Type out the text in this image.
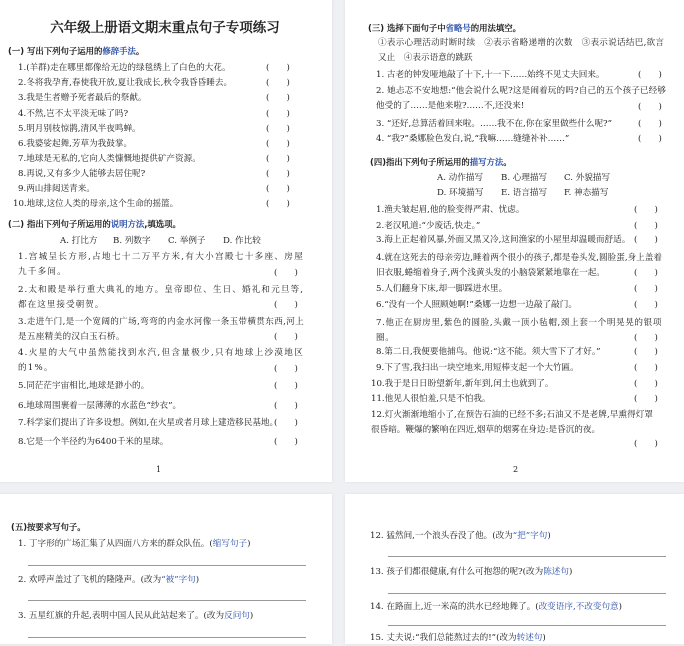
六年级上册语文期末重点句子专项练习
(一) 写出下列句子运用的修辞手法。
1.(羊群)走在哪里都像给无边的绿毯绣上了白色的大花。
2.冬将我孕育,春使我开放,夏让我成长,秋令我昏昏睡去。
3.我是生者赠予死者最后的祭献。
4.不然,岂不太平淡无味了吗?
5.明月别枝惊鹊,清风半夜鸣蝉。
6.我婆娑起舞,芳草为我鼓掌。
7.地球是无私的,它向人类慷慨地提供矿产资源。
8.再说,又有多少人能够去居住呢?
9.两山排闼送青来。
10.地球,这位人类的母亲,这个生命的摇篮。
(　　)
(　　)
(　　)
(　　)
(　　)
(　　)
(　　)
(　　)
(　　)
(　　)
(二) 指出下列句子所运用的说明方法,填选项。
A. 打比方 B. 列数字 C. 举例子 D. 作比较
1.宫城呈长方形,占地七十二万平方米,有大小宫殿七十多座、房屋九千多间。
2.太和殿是举行重大典礼的地方。皇帝即位、生日、婚礼和元旦等,都在这里接受朝贺。
3.走进午门,是一个宽阔的广场,弯弯的内金水河像一条玉带横贯东西,河上是五座精美的汉白玉石桥。
4.火星的大气中虽然能找到水汽,但含量极少,只有地球上沙漠地区的1%。
5.同茫茫宇宙相比,地球是渺小的。
6.地球周围裹着一层薄薄的水蓝色“纱衣”。
7.科学家们提出了许多设想。例如,在火星或者月球上建造移民基地。
8.它是一个半径约为6400千米的星球。
(　　)
(　　)
(　　)
(　　)
(　　)
(　　)
(　　)
(　　)
1
(三) 选择下面句子中省略号的用法填空。
①表示心理活动时断时续　②表示省略递增的次数　③表示说话结巴,欲言又止　④表示语意的跳跃
1. 古老的钟发哑地敲了十下,十一下……始终不见丈夫回来。
2. 她忐忑不安地想:“他会说什么呢?这是闹着玩的吗?自己的五个孩子已经够他受的了……是他来啦?……不,还没来!
3. “还好,总算活着回来啦。……我不在,你在家里做些什么呢?”
4. “我?”桑娜脸色发白,说,“我嘛……缝缝补补……”
(　　)
(　　)
(　　)
(　　)
(四)指出下列句子所运用的描写方法。
A. 动作描写 B. 心理描写 C. 外貌描写
D. 环境描写 E. 语言描写 F. 神态描写
1.渔夫皱起眉,他的脸变得严肃、忧虑。
2.老汉吼道:“少废话,快走。”
3.海上正起着风暴,外面又黑又冷,这间渔家的小屋里却温暖而舒适。
4.就在这死去的母亲旁边,睡着两个很小的孩子,都是卷头发,圆脸蛋,身上盖着旧衣服,蜷缩着身子,两个浅黄头发的小脑袋紧紧地靠在一起。
5.人们翻身下床,却一脚踩进水里。
6.“没有一个人照顾她啊!”桑娜一边想一边敲了敲门。
7.他正在厨房里,紫色的圆脸,头戴一顶小毡帽,颈上套一个明晃晃的银项圈。
8.第二日,我便要他捕鸟。他说:“这不能。须大雪下了才好。”
9.下了雪,我扫出一块空地来,用短棒支起一个大竹匾。
10.我于是日日盼望新年,新年到,闰土也就到了。
11.他见人很怕羞,只是不怕我。
12.灯火渐渐地缩小了,在预告石油的已经不多;石油又不是老牌,早熏得灯罩很昏暗。鞭爆的繁响在四近,烟草的烟雾在身边:是昏沉的夜。
(　　)
(　　)
(　　)
(　　)
(　　)
(　　)
(　　)
(　　)
(　　)
(　　)
(　　)
(　　)
2
(五)按要求写句子。
1. 丁字形的广场汇集了从四面八方来的群众队伍。(缩写句子)
2. 欢呼声盖过了飞机的隆隆声。(改为“被”字句)
3. 五星红旗的升起,表明中国人民从此站起来了。(改为反问句)
12. 猛然间,一个浪头吞没了他。(改为“把”字句)
13. 孩子们都很健康,有什么可抱怨的呢?(改为陈述句)
14. 在路面上,近一米高的洪水已经地舞了。(改变语序,不改变句意)
15. 丈夫说:“我们总能熬过去的!”(改为转述句)
